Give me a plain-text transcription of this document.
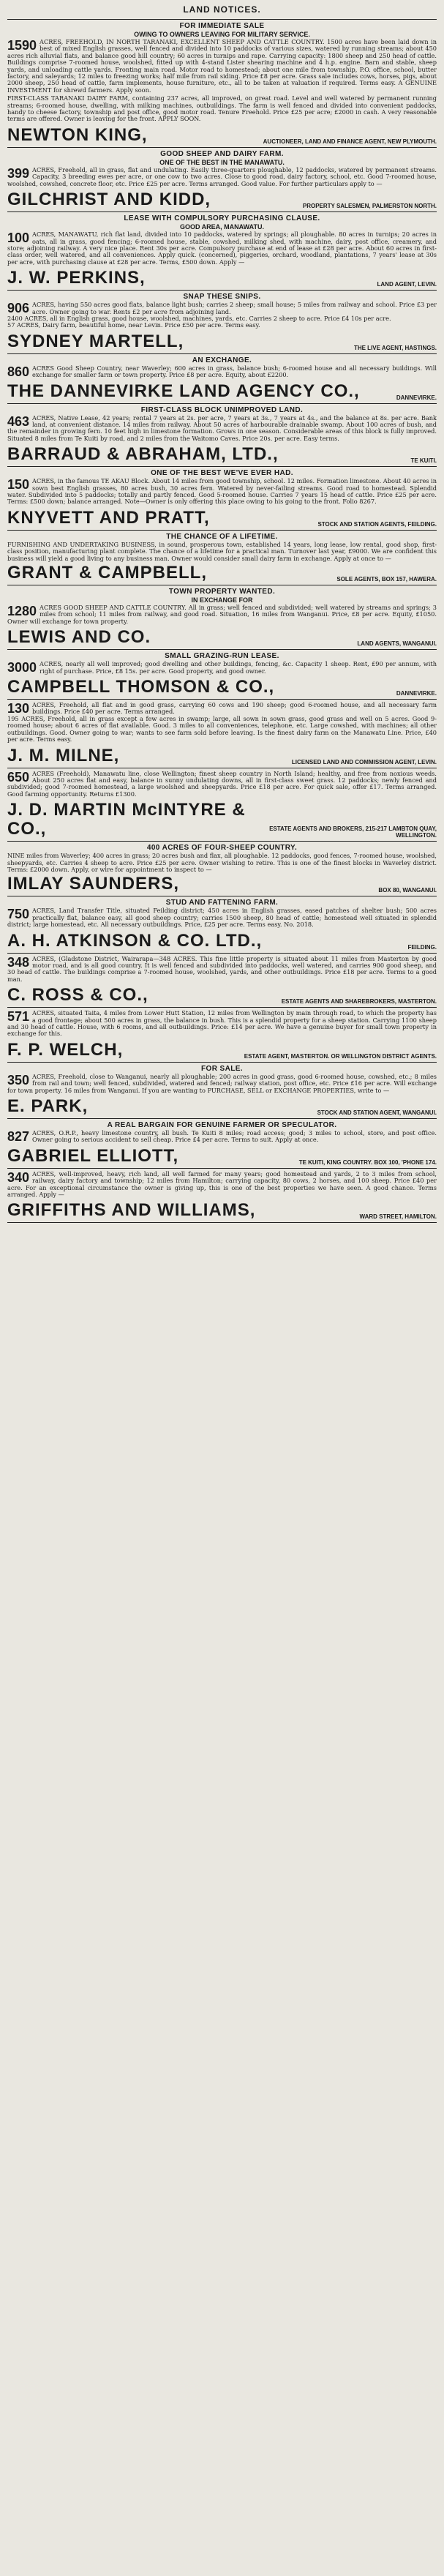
LAND NOTICES.
FOR IMMEDIATE SALE
OWING TO OWNERS LEAVING FOR MILITARY SERVICE.
1590 ACRES, FREEHOLD, IN NORTH TARANAKI, EXCELLENT SHEEP AND CATTLE COUNTRY. 1500 acres have been laid down in best of mixed English grasses, well fenced and divided into 10 paddocks of various sizes, watered by running streams; about 450 acres rich alluvial flats, and balance good hill country; 60 acres in turnips and rape. Carrying capacity: 1800 sheep and 250 head of cattle. Buildings comprise 7-roomed house, woolshed, fitted up with 4-stand Lister shearing machine and 4 h.p. engine. Barn and stable, sheep yards, and unloading cattle yards. Fronting main road. Motor road to homestead; about one mile from township, P.O. office, school, butter factory, and saleyards; 12 miles to freezing works; half mile from rail siding. Price £8 per acre. Grass sale includes cows, horses, pigs, about 2000 sheep, 250 head of cattle, farm implements, house furniture, etc., all to be taken at valuation if required. Terms easy. A GENUINE INVESTMENT for shrewd farmers. Apply soon.
FIRST-CLASS TARANAKI DAIRY FARM, containing 237 acres, all improved, on great road. Level and well watered by permanent running streams; 6-roomed house, dwelling, with milking machines, outbuildings. The farm is well fenced and divided into convenient paddocks, handy to cheese factory, township and post office, good motor road. Tenure Freehold. Price £25 per acre; £2000 in cash. A very reasonable terms are offered. Owner is leaving for the front. APPLY SOON.
NEWTON KING,	AUCTIONEER, LAND AND FINANCE AGENT, NEW PLYMOUTH.
GOOD SHEEP AND DAIRY FARM.
ONE OF THE BEST IN THE MANAWATU.
399 ACRES, Freehold, all in grass, flat and undulating. Easily three-quarters ploughable, 12 paddocks, watered by permanent streams. Capacity, 3 breeding ewes per acre, or one cow to two acres. Close to good road, dairy factory, school, etc. Good 7-roomed house, woolshed, cowshed, concrete floor, etc. Price £25 per acre. Terms arranged. Good value. For further particulars apply to —
GILCHRIST AND KIDD,	PROPERTY SALESMEN, PALMERSTON NORTH.
LEASE WITH COMPULSORY PURCHASING CLAUSE.
GOOD AREA, MANAWATU.
100 ACRES, MANAWATU, rich flat land, divided into 10 paddocks, watered by springs; all ploughable. 80 acres in turnips; 20 acres in oats, all in grass, good fencing; 6-roomed house, stable, cowshed, milking shed, with machine, dairy, post office, creamery, and store; adjoining railway. A very nice place. Rent 30s per acre. Compulsory purchase at end of lease at £28 per acre. About 60 acres in first-class order, well watered, and all conveniences. Apply quick. (concerned), piggeries, orchard, woodland, plantations, 7 years' lease at 30s per acre, with purchasing clause at £28 per acre. Terms, £500 down. Apply —
J. W. PERKINS,	LAND AGENT, LEVIN.
SNAP THESE SNIPS.
906 ACRES, having 550 acres good flats, balance light bush; carries 2 sheep; small house; 5 miles from railway and school. Price £3 per acre. Owner going to war. Rents £2 per acre from adjoining land.
2400 ACRES, all in English grass, good house, woolshed, machines, yards, etc. Carries 2 sheep to acre. Price £4 10s per acre.
57 ACRES, Dairy farm, beautiful home, near Levin. Price £50 per acre. Terms easy.
SYDNEY MARTELL,	THE LIVE AGENT, HASTINGS.
AN EXCHANGE.
860 ACRES Good Sheep Country, near Waverley; 600 acres in grass, balance bush; 6-roomed house and all necessary buildings. Will exchange for smaller farm or town property. Price £8 per acre. Equity, about £2200.
THE DANNEVIRKE LAND AGENCY CO.,	DANNEVIRKE.
FIRST-CLASS BLOCK UNIMPROVED LAND.
463 ACRES, Native Lease, 42 years; rental 7 years at 2s. per acre, 7 years at 3s., 7 years at 4s., and the balance at 8s. per acre. Bank land, at convenient distance. 14 miles from railway. About 50 acres of harbourable drainable swamp. About 100 acres of bush, and the remainder in growing fern. 10 feet high in limestone formation. Grows in one season. Considerable areas of this block is fully improved. Situated 8 miles from Te Kuiti by road, and 2 miles from the Waitomo Caves. Price 20s. per acre. Easy terms.
BARRAUD & ABRAHAM, LTD.,	TE KUITI.
ONE OF THE BEST WE'VE EVER HAD.
150 ACRES, in the famous TE AKAU Block. About 14 miles from good township, school. 12 miles. Formation limestone. About 40 acres in sown best English grasses, 80 acres bush, 30 acres fern. Watered by never-failing streams. Good road to homestead. Splendid water. Subdivided into 5 paddocks; totally and partly fenced. Good 5-roomed house. Carries 7 years 15 head of cattle. Price £25 per acre. Terms: £500 down; balance arranged. Note—Owner is only offering this place owing to his going to the front. Folio 8267.
KNYVETT AND PRATT,	STOCK AND STATION AGENTS, FEILDING.
THE CHANCE OF A LIFETIME.
FURNISHING AND UNDERTAKING BUSINESS, in sound, prosperous town, established 14 years, long lease, low rental, good shop, first-class position, manufacturing plant complete. The chance of a lifetime for a practical man. Turnover last year, £9000. We are confident this business will yield a good living to any business man. Owner would consider small dairy farm in exchange. Apply at once to —
GRANT & CAMPBELL,	SOLE AGENTS, BOX 157, HAWERA.
TOWN PROPERTY WANTED.
IN EXCHANGE FOR
1280 ACRES GOOD SHEEP AND CATTLE COUNTRY. All in grass; well fenced and subdivided; well watered by streams and springs; 3 miles from school; 11 miles from railway, and good road. Situation, 16 miles from Wanganui. Price, £8 per acre. Equity, £1050. Owner will exchange for town property.
LEWIS AND CO.	LAND AGENTS, WANGANUI.
SMALL GRAZING-RUN LEASE.
3000 ACRES, nearly all well improved; good dwelling and other buildings, fencing, &c. Capacity 1 sheep. Rent, £90 per annum, with right of purchase. Price, £8 15s. per acre. Good property, and good owner.
CAMPBELL THOMSON & CO.,	DANNEVIRKE.
130 ACRES, Freehold, all flat and in good grass, carrying 60 cows and 190 sheep; good 6-roomed house, and all necessary farm buildings. Price £40 per acre. Terms arranged.
195 ACRES, Freehold, all in grass except a few acres in swamp; large, all sown in sown grass, good grass and well on 5 acres. Good 9-roomed house; about 6 acres of flat available. Good. 3 miles to all conveniences, telephone, etc. Large cowshed, with machines; all other outbuildings. Good. Owner going to war; wants to see farm sold before leaving. Is the finest dairy farm on the Manawatu Line. Price, £40 per acre. Terms easy.
J. M. MILNE,	LICENSED LAND AND COMMISSION AGENT, LEVIN.
650 ACRES (Freehold), Manawatu line, close Wellington; finest sheep country in North Island; healthy, and free from noxious weeds. About 250 acres flat and easy, balance in sunny undulating downs, all in first-class sweet grass. 12 paddocks; newly fenced and subdivided; good 7-roomed homestead, a large woolshed and sheepyards. Price £18 per acre. For quick sale, offer £17. Terms arranged. Good farming opportunity. Returns £1300.
J. D. MARTIN McINTYRE & CO.,	ESTATE AGENTS AND BROKERS, 215-217 LAMBTON QUAY, WELLINGTON.
400 ACRES OF FOUR-SHEEP COUNTRY.
NINE miles from Waverley; 400 acres in grass; 20 acres bush and flax, all ploughable. 12 paddocks, good fences, 7-roomed house, woolshed, sheepyards, etc. Carries 4 sheep to acre. Price £25 per acre. Owner wishing to retire. This is one of the finest blocks in Waverley district. Terms: £2000 down. Apply, or wire for appointment to inspect to —
IMLAY SAUNDERS,	BOX 80, WANGANUI.
STUD AND FATTENING FARM.
750 ACRES, Land Transfer Title, situated Feilding district; 450 acres in English grasses, eased patches of shelter bush; 500 acres practically flat, balance easy, all good sheep country; carries 1500 sheep, 80 head of cattle; homestead well situated in splendid district; large homestead, etc. All necessary outbuildings. Price, £25 per acre. Terms easy. No. 2018.
A. H. ATKINSON & CO. LTD.,	FEILDING.
348 ACRES, (Gladstone District, Wairarapa—348 ACRES. This fine little property is situated about 11 miles from Masterton by good motor road, and is all good country. It is well fenced and subdivided into paddocks, well watered, and carries 900 good sheep, and 30 head of cattle. The buildings comprise a 7-roomed house, woolshed, yards, and other outbuildings. Price £18 per acre. Terms to a good man.
C. ROSS & CO.,	ESTATE AGENTS AND SHAREBROKERS, MASTERTON.
571 ACRES, situated Taita, 4 miles from Lower Hutt Station, 12 miles from Wellington by main through road, to which the property has a good frontage; about 500 acres in grass, the balance in bush. This is a splendid property for a sheep station. Carrying 1100 sheep and 30 head of cattle. House, with 6 rooms, and all outbuildings. Price: £14 per acre. We have a genuine buyer for small town property in exchange for this.
F. P. WELCH,	ESTATE AGENT, MASTERTON. OR WELLINGTON DISTRICT AGENTS.
FOR SALE.
350 ACRES, Freehold, close to Wanganui, nearly all ploughable; 200 acres in good grass, good 6-roomed house, cowshed, etc.; 8 miles from rail and town; well fenced, subdivided, watered and fenced; railway station, post office, etc. Price £16 per acre. Will exchange for town property. 16 miles from Wanganui. If you are wanting to PURCHASE, SELL or EXCHANGE PROPERTIES, write to —
E. PARK,	STOCK AND STATION AGENT, WANGANUI.
A REAL BARGAIN FOR GENUINE FARMER OR SPECULATOR.
827 ACRES, O.R.P., heavy limestone country, all bush. Te Kuiti 8 miles; road access; good; 3 miles to school, store, and post office. Owner going to serious accident to sell cheap. Price £4 per acre. Terms to suit. Apply at once.
GABRIEL ELLIOTT,	TE KUITI, KING COUNTRY. BOX 100, 'PHONE 174.
340 ACRES, well-improved, heavy, rich land, all well farmed for many years; good homestead and yards, 2 to 3 miles from school, railway, dairy factory and township; 12 miles from Hamilton; carrying capacity, 80 cows, 2 horses, and 100 sheep. Price £40 per acre. For an exceptional circumstance the owner is giving up, this is one of the best properties we have seen. A good chance. Terms arranged. Apply —
GRIFFITHS AND WILLIAMS,	WARD STREET, HAMILTON.
